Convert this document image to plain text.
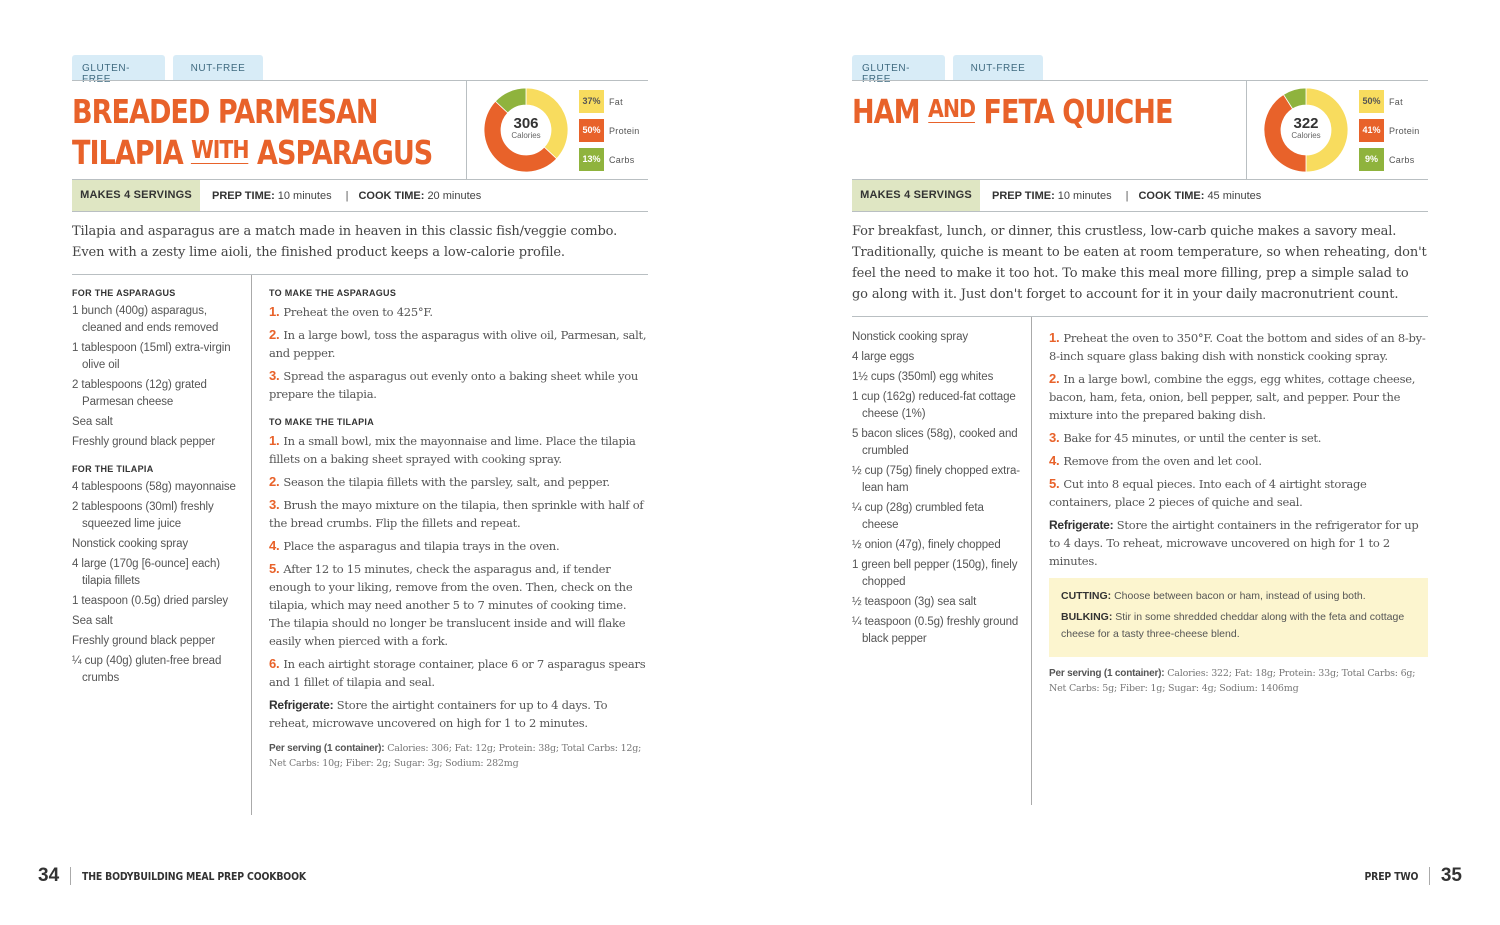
GLUTEN-FREE
NUT-FREE
BREADED PARMESAN
TILAPIA WITH ASPARAGUS
306
Calories
37% Fat
50% Protein
13% Carbs
MAKES 4 SERVINGS	PREP TIME: 10 minutes | COOK TIME: 20 minutes
Tilapia and asparagus are a match made in heaven in this classic fish/veggie combo. Even with a zesty lime aioli, the finished product keeps a low-calorie profile.
FOR THE ASPARAGUS
1 bunch (400g) asparagus, cleaned and ends removed
1 tablespoon (15ml) extra-virgin olive oil
2 tablespoons (12g) grated Parmesan cheese
Sea salt
Freshly ground black pepper
FOR THE TILAPIA
4 tablespoons (58g) mayonnaise
2 tablespoons (30ml) freshly squeezed lime juice
Nonstick cooking spray
4 large (170g [6-ounce] each) tilapia fillets
1 teaspoon (0.5g) dried parsley
Sea salt
Freshly ground black pepper
¼ cup (40g) gluten-free bread crumbs
TO MAKE THE ASPARAGUS
1. Preheat the oven to 425°F.
2. In a large bowl, toss the asparagus with olive oil, Parmesan, salt, and pepper.
3. Spread the asparagus out evenly onto a baking sheet while you prepare the tilapia.
TO MAKE THE TILAPIA
1. In a small bowl, mix the mayonnaise and lime. Place the tilapia fillets on a baking sheet sprayed with cooking spray.
2. Season the tilapia fillets with the parsley, salt, and pepper.
3. Brush the mayo mixture on the tilapia, then sprinkle with half of the bread crumbs. Flip the fillets and repeat.
4. Place the asparagus and tilapia trays in the oven.
5. After 12 to 15 minutes, check the asparagus and, if tender enough to your liking, remove from the oven. Then, check on the tilapia, which may need another 5 to 7 minutes of cooking time. The tilapia should no longer be translucent inside and will flake easily when pierced with a fork.
6. In each airtight storage container, place 6 or 7 asparagus spears and 1 fillet of tilapia and seal.
Refrigerate: Store the airtight containers for up to 4 days. To reheat, microwave uncovered on high for 1 to 2 minutes.
Per serving (1 container): Calories: 306; Fat: 12g; Protein: 38g; Total Carbs: 12g; Net Carbs: 10g; Fiber: 2g; Sugar: 3g; Sodium: 282mg
34 THE BODYBUILDING MEAL PREP COOKBOOK
GLUTEN-FREE
NUT-FREE
HAM AND FETA QUICHE	322
Calories
50% Fat
41% Protein
9%	Carbs
MAKES 4 SERVINGS	PREP TIME: 10 minutes | COOK TIME: 45 minutes
For breakfast, lunch, or dinner, this crustless, low-carb quiche makes a savory meal. Traditionally, quiche is meant to be eaten at room temperature, so when reheating, don't feel the need to make it too hot. To make this meal more filling, prep a simple salad to go along with it. Just don't forget to account for it in your daily macronutrient count.
Nonstick cooking spray
4 large eggs
1½ cups (350ml) egg whites
1 cup (162g) reduced-fat cottage cheese (1%)
5 bacon slices (58g), cooked and crumbled
½ cup (75g) finely chopped extra-lean ham
¼ cup (28g) crumbled feta cheese
½ onion (47g), finely chopped
1 green bell pepper (150g), finely chopped
½ teaspoon (3g) sea salt
¼ teaspoon (0.5g) freshly ground black pepper
1. Preheat the oven to 350°F. Coat the bottom and sides of an 8-by-8-inch square glass baking dish with nonstick cooking spray.
2. In a large bowl, combine the eggs, egg whites, cottage cheese, bacon, ham, feta, onion, bell pepper, salt, and pepper. Pour the mixture into the prepared baking dish.
3. Bake for 45 minutes, or until the center is set.
4. Remove from the oven and let cool.
5. Cut into 8 equal pieces. Into each of 4 airtight storage containers, place 2 pieces of quiche and seal.
Refrigerate: Store the airtight containers in the refrigerator for up to 4 days. To reheat, microwave uncovered on high for 1 to 2 minutes.
CUTTING: Choose between bacon or ham, instead of using both.
BULKING: Stir in some shredded cheddar along with the feta and cottage cheese for a tasty three-cheese blend.
Per serving (1 container): Calories: 322; Fat: 18g; Protein: 33g; Total Carbs: 6g; Net Carbs: 5g; Fiber: 1g; Sugar: 4g; Sodium: 1406mg
PREP TWO 35
